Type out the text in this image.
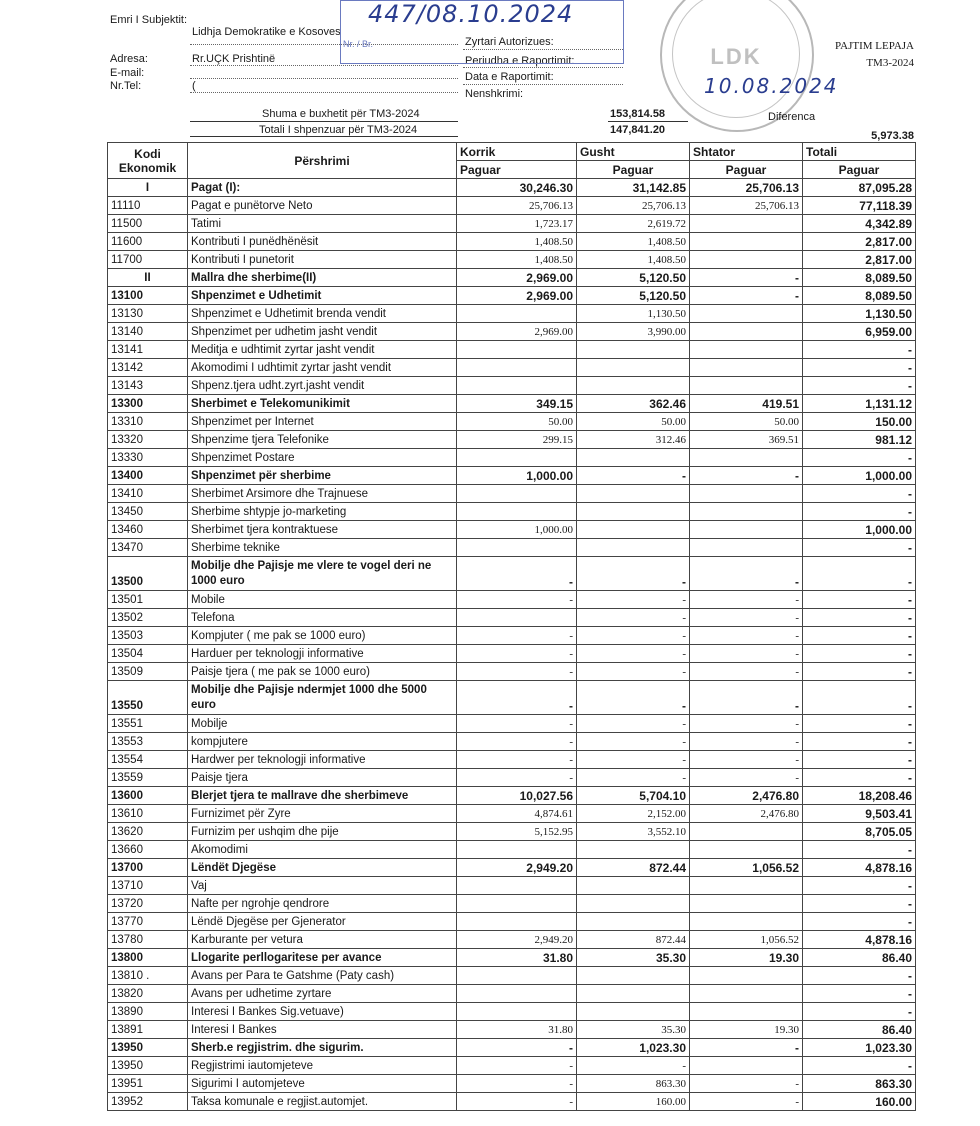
Emri I Subjektit:
Adresa:
E-mail:
Nr.Tel:
Lidhja Demokratike e Kosoves
Rr.UÇK Prishtinë
(
Zyrtari Autorizues:
Periudha e Raportimit:
Data e Raportimit:
Nenshkrimi:
PAJTIM LEPAJA
TM3-2024
Nr. / Br.
447/08.10.2024
LDK
10.08.2024
Shuma e buxhetit për TM3-2024	153,814.58
Totali I shpenzuar për TM3-2024	147,841.20
Diferenca
5,973.38
Kodi Ekonomik	Përshrimi	Korrik	Gusht	Shtator	Totali
		Paguar	Paguar	Paguar	Paguar
I	Pagat (I):	30,246.30	31,142.85	25,706.13	87,095.28
11110	Pagat e punëtorve Neto	25,706.13	25,706.13	25,706.13	77,118.39
11500	Tatimi	1,723.17	2,619.72		4,342.89
11600	Kontributi I punëdhënësit	1,408.50	1,408.50		2,817.00
11700	Kontributi I punetorit	1,408.50	1,408.50		2,817.00
II	Mallra dhe sherbime(II)	2,969.00	5,120.50	-	8,089.50
13100	Shpenzimet e Udhetimit	2,969.00	5,120.50	-	8,089.50
13130	Shpenzimet e Udhetimit brenda vendit		1,130.50		1,130.50
13140	Shpenzimet per udhetim jasht vendit	2,969.00	3,990.00		6,959.00
13141	Meditja e udhtimit zyrtar jasht vendit				-
13142	Akomodimi I udhtimit zyrtar jasht vendit				-
13143	Shpenz.tjera udht.zyrt.jasht vendit				-
13300	Sherbimet e Telekomunikimit	349.15	362.46	419.51	1,131.12
13310	Shpenzimet per Internet	50.00	50.00	50.00	150.00
13320	Shpenzime tjera Telefonike	299.15	312.46	369.51	981.12
13330	Shpenzimet Postare				-
13400	Shpenzimet për sherbime	1,000.00	-	-	1,000.00
13410	Sherbimet Arsimore dhe Trajnuese				-
13450	Sherbime shtypje jo-marketing				-
13460	Sherbimet tjera kontraktuese	1,000.00			1,000.00
13470	Sherbime teknike				-
13500	Mobilje dhe Pajisje me vlere te vogel deri ne 1000 euro	-	-	-	-
13501	Mobile	-	-	-	-
13502	Telefona		-	-	-
13503	Kompjuter ( me pak se 1000 euro)	-	-	-	-
13504	Harduer per teknologji informative	-	-	-	-
13509	Paisje tjera ( me pak se 1000 euro)	-	-	-	-
13550	Mobilje dhe Pajisje ndermjet 1000 dhe 5000 euro	-	-	-	-
13551	Mobilje	-	-	-	-
13553	kompjutere	-	-	-	-
13554	Hardwer per teknologji informative	-	-	-	-
13559	Paisje tjera	-	-	-	-
13600	Blerjet tjera te mallrave dhe sherbimeve	10,027.56	5,704.10	2,476.80	18,208.46
13610	Furnizimet për Zyre	4,874.61	2,152.00	2,476.80	9,503.41
13620	Furnizim per ushqim dhe pije	5,152.95	3,552.10		8,705.05
13660	Akomodimi				-
13700	Lëndët Djegëse	2,949.20	872.44	1,056.52	4,878.16
13710	Vaj				-
13720	Nafte per ngrohje qendrore				-
13770	Lëndë Djegëse per Gjenerator				-
13780	Karburante per vetura	2,949.20	872.44	1,056.52	4,878.16
13800	Llogarite perllogaritese per avance	31.80	35.30	19.30	86.40
13810 .	Avans per Para te Gatshme (Paty cash)				-
13820	Avans per udhetime zyrtare				-
13890	Interesi I Bankes Sig.vetuave)				-
13891	Interesi I Bankes	31.80	35.30	19.30	86.40
13950	Sherb.e regjistrim. dhe sigurim.	-	1,023.30	-	1,023.30
13950	Regjistrimi iautomjeteve	-	-		-
13951	Sigurimi I automjeteve	-	863.30	-	863.30
13952	Taksa komunale e regjist.automjet.	-	160.00	-	160.00
